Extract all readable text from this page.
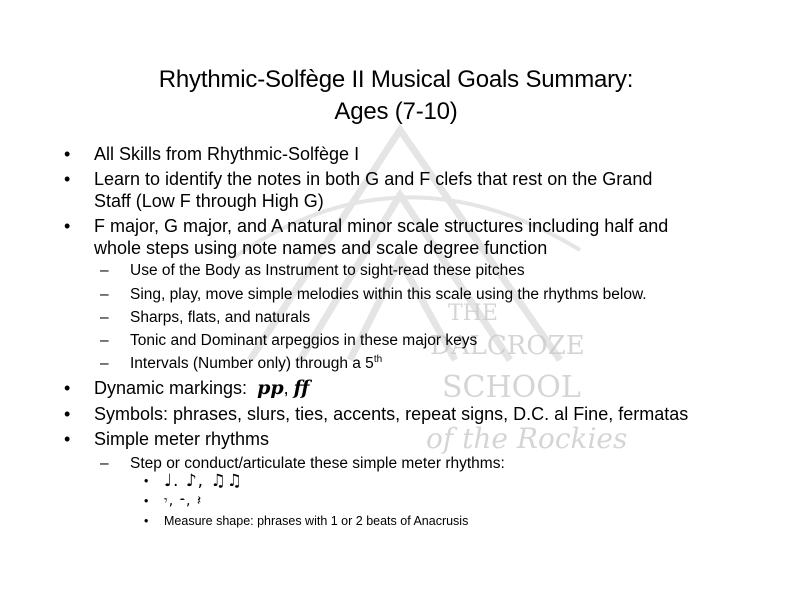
THE
DALCROZE
SCHOOL
of the Rockies
Rhythmic-Solfège II Musical Goals Summary:
Ages (7-10)
• All Skills from Rhythmic-Solfège I
• Learn to identify the notes in both G and F clefs that rest on the Grand
Staff (Low F through High G)
• F major, G major, and A natural minor scale structures including half and
whole steps using note names and scale degree function
– Use of the Body as Instrument to sight-read these pitches
– Sing, play, move simple melodies within this scale using the rhythms below.
– Sharps, flats, and naturals
– Tonic and Dominant arpeggios in these major keys
– Intervals (Number only) through a 5th
• Dynamic markings: pp, ff
• Symbols: phrases, slurs, ties, accents, repeat signs, D.C. al Fine, fermatas
• Simple meter rhythms
– Step or conduct/articulate these simple meter rhythms:
• ♩. ♪, ♫♫
• 𝄾, 𝄼, 𝄽
• Measure shape: phrases with 1 or 2 beats of Anacrusis
